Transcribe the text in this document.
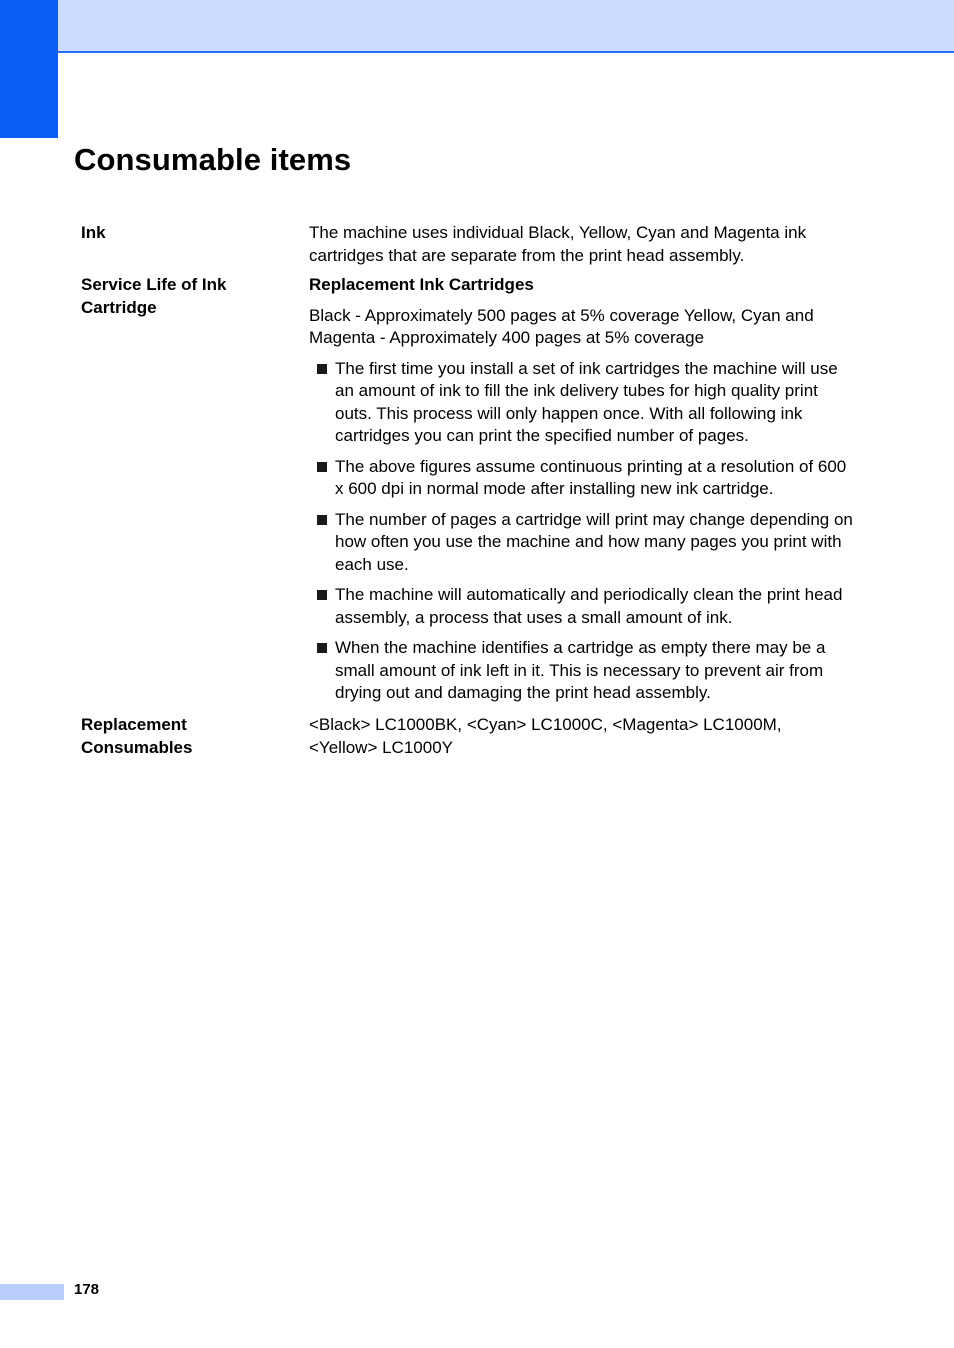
Consumable items
Ink	The machine uses individual Black, Yellow, Cyan and Magenta ink cartridges that are separate from the print head assembly.

Service Life of Ink Cartridge

Replacement Ink Cartridges

Black - Approximately 500 pages at 5% coverage Yellow, Cyan and Magenta - Approximately 400 pages at 5% coverage

The first time you install a set of ink cartridges the machine will use an amount of ink to fill the ink delivery tubes for high quality print outs. This process will only happen once. With all following ink cartridges you can print the specified number of pages.
The above figures assume continuous printing at a resolution of 600 x 600 dpi in normal mode after installing new ink cartridge.
The number of pages a cartridge will print may change depending on how often you use the machine and how many pages you print with each use.
The machine will automatically and periodically clean the print head assembly, a process that uses a small amount of ink.
When the machine identifies a cartridge as empty there may be a small amount of ink left in it. This is necessary to prevent air from drying out and damaging the print head assembly.
Replacement Consumables

<Black> LC1000BK, <Cyan> LC1000C, <Magenta> LC1000M, <Yellow> LC1000Y

178
